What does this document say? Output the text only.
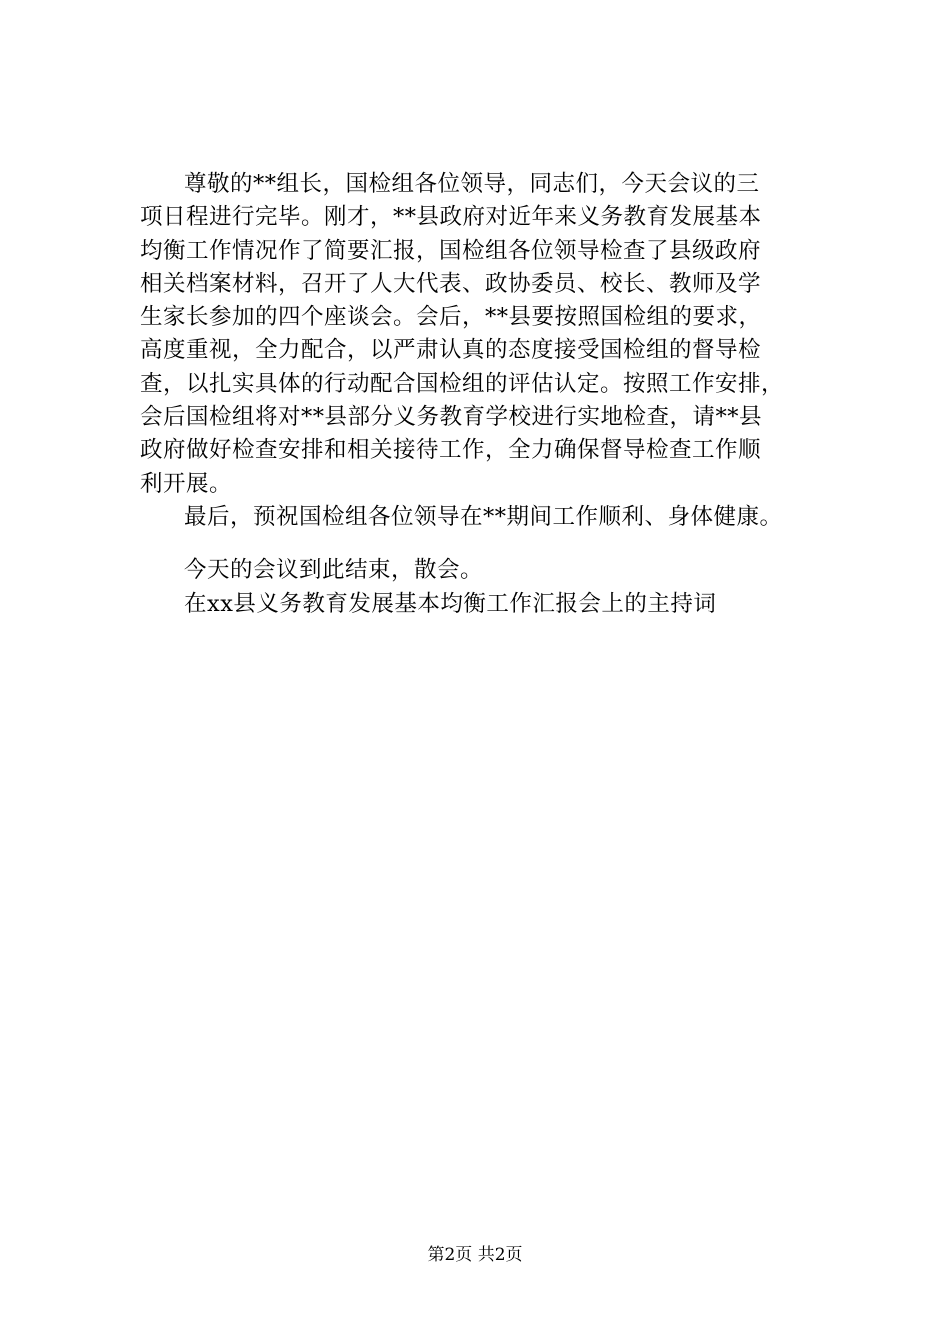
尊敬的**组长，国检组各位领导，同志们，今天会议的三
项日程进行完毕。刚才，**县政府对近年来义务教育发展基本
均衡工作情况作了简要汇报，国检组各位领导检查了县级政府
相关档案材料，召开了人大代表、政协委员、校长、教师及学
生家长参加的四个座谈会。会后，**县要按照国检组的要求，
高度重视，全力配合，以严肃认真的态度接受国检组的督导检
查，以扎实具体的行动配合国检组的评估认定。按照工作安排，
会后国检组将对**县部分义务教育学校进行实地检查，请**县
政府做好检查安排和相关接待工作，全力确保督导检查工作顺
利开展。
最后，预祝国检组各位领导在**期间工作顺利、身体健康。
今天的会议到此结束，散会。
在xx县义务教育发展基本均衡工作汇报会上的主持词
第2页 共2页
